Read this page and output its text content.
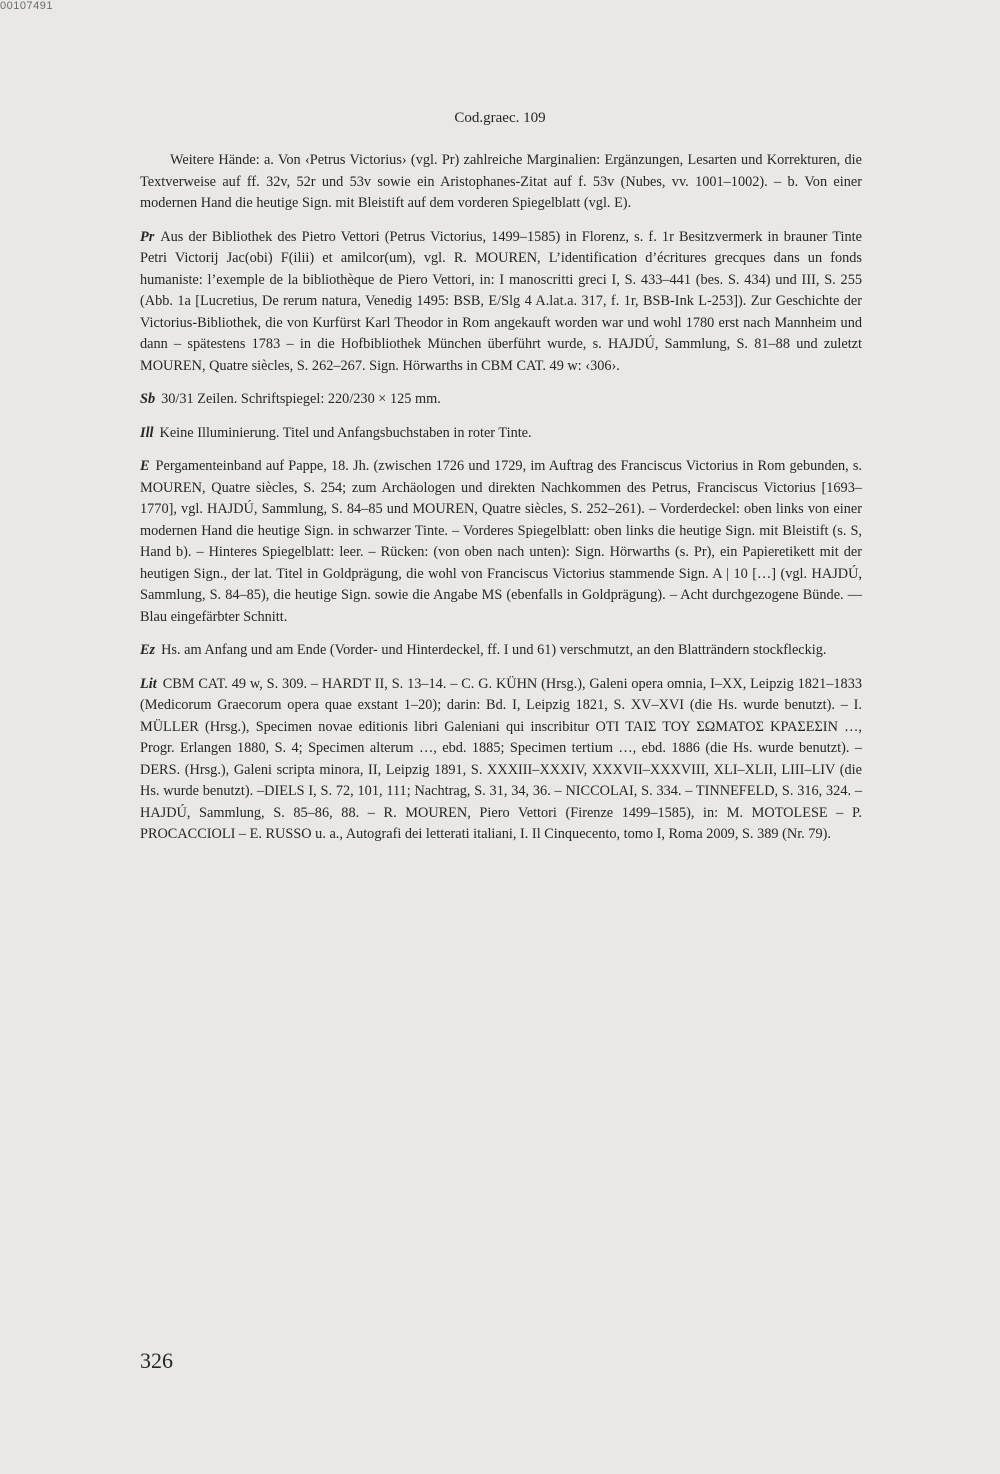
00107491
Cod.graec. 109

Weitere Hände: a. Von ‹Petrus Victorius› (vgl. Pr) zahlreiche Marginalien: Ergänzungen, Lesarten und Korrekturen, die Textverweise auf ff. 32v, 52r und 53v sowie ein Aristophanes-Zitat auf f. 53v (Nubes, vv. 1001–1002). – b. Von einer modernen Hand die heutige Sign. mit Bleistift auf dem vorderen Spiegelblatt (vgl. E).

Pr Aus der Bibliothek des Pietro Vettori (Petrus Victorius, 1499–1585) in Florenz, s. f. 1r Besitzvermerk in brauner Tinte Petri Victorij Jac(obi) F(ilii) et amilcor(um), vgl. R. MOUREN, L’identification d’écritures grecques dans un fonds humaniste: l’exemple de la bibliothèque de Piero Vettori, in: I manoscritti greci I, S. 433–441 (bes. S. 434) und III, S. 255 (Abb. 1a [Lucretius, De rerum natura, Venedig 1495: BSB, E/Slg 4 A.lat.a. 317, f. 1r, BSB-Ink L-253]). Zur Geschichte der Victorius-Bibliothek, die von Kurfürst Karl Theodor in Rom angekauft worden war und wohl 1780 erst nach Mannheim und dann – spätestens 1783 – in die Hofbibliothek München überführt wurde, s. HAJDÚ, Sammlung, S. 81–88 und zuletzt MOUREN, Quatre siècles, S. 262–267. Sign. Hörwarths in CBM CAT. 49 w: ‹306›.

Sb 30/31 Zeilen. Schriftspiegel: 220/230 × 125 mm.

Ill Keine Illuminierung. Titel und Anfangsbuchstaben in roter Tinte.

E Pergamenteinband auf Pappe, 18. Jh. (zwischen 1726 und 1729, im Auftrag des Franciscus Victorius in Rom gebunden, s. MOUREN, Quatre siècles, S. 254; zum Archäologen und direkten Nachkommen des Petrus, Franciscus Victorius [1693–1770], vgl. HAJDÚ, Sammlung, S. 84–85 und MOUREN, Quatre siècles, S. 252–261). – Vorderdeckel: oben links von einer modernen Hand die heutige Sign. in schwarzer Tinte. – Vorderes Spiegelblatt: oben links die heutige Sign. mit Bleistift (s. S, Hand b). – Hinteres Spiegelblatt: leer. – Rücken: (von oben nach unten): Sign. Hörwarths (s. Pr), ein Papieretikett mit der heutigen Sign., der lat. Titel in Goldprägung, die wohl von Franciscus Victorius stammende Sign. A | 10 […] (vgl. HAJDÚ, Sammlung, S. 84–85), die heutige Sign. sowie die Angabe MS (ebenfalls in Goldprägung). – Acht durchgezogene Bünde. — Blau eingefärbter Schnitt.

Ez Hs. am Anfang und am Ende (Vorder- und Hinterdeckel, ff. I und 61) verschmutzt, an den Blatträndern stockfleckig.

Lit CBM CAT. 49 w, S. 309. – HARDT II, S. 13–14. – C. G. KÜHN (Hrsg.), Galeni opera omnia, I–XX, Leipzig 1821–1833 (Medicorum Graecorum opera quae exstant 1–20); darin: Bd. I, Leipzig 1821, S. XV–XVI (die Hs. wurde benutzt). – I. MÜLLER (Hrsg.), Specimen novae editionis libri Galeniani qui inscribitur ΟΤΙ ΤΑΙΣ ΤΟΥ ΣΩΜΑΤΟΣ ΚΡΑΣΕΣΙΝ …, Progr. Erlangen 1880, S. 4; Specimen alterum …, ebd. 1885; Specimen tertium …, ebd. 1886 (die Hs. wurde benutzt). – DERS. (Hrsg.), Galeni scripta minora, II, Leipzig 1891, S. XXXIII–XXXIV, XXXVII–XXXVIII, XLI–XLII, LIII–LIV (die Hs. wurde benutzt). –DIELS I, S. 72, 101, 111; Nachtrag, S. 31, 34, 36. – NICCOLAI, S. 334. – TINNEFELD, S. 316, 324. – HAJDÚ, Sammlung, S. 85–86, 88. – R. MOUREN, Piero Vettori (Firenze 1499–1585), in: M. MOTOLESE – P. PROCACCIOLI – E. RUSSO u. a., Autografi dei letterati italiani, I. Il Cinquecento, tomo I, Roma 2009, S. 389 (Nr. 79).

326
